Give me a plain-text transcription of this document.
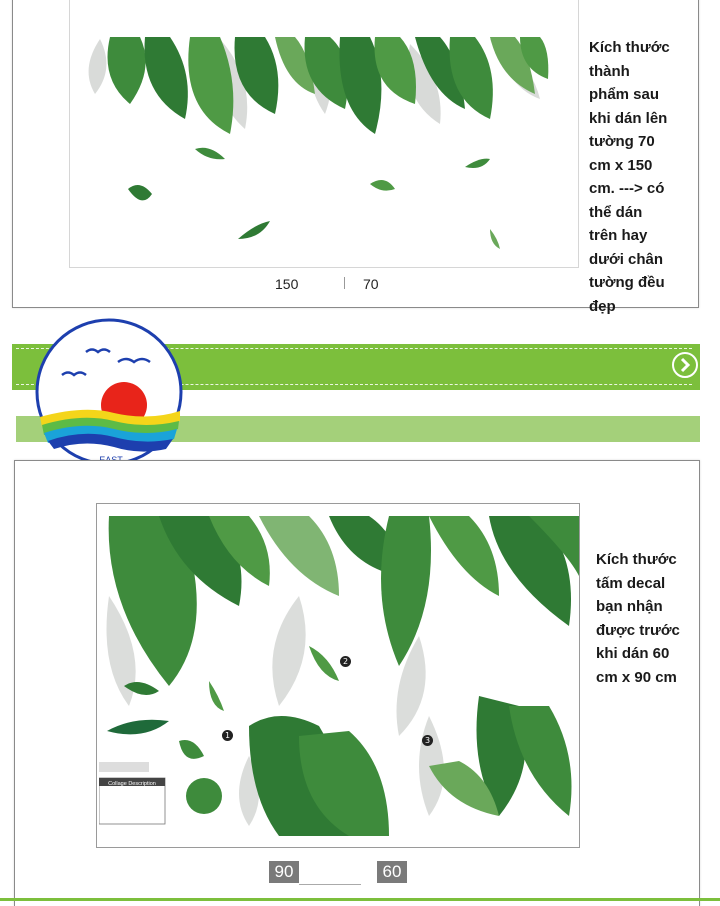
150	70
Kích thước
thành
phẩm sau
khi dán lên
tường 70
cm x 150
cm. ---> có
thể dán
trên hay
dưới chân
tường đều
đẹp
Collage Description
1
2
3
90	60
Kích thước
tấm decal
bạn nhận
được trước
khi dán 60
cm x 90 cm
